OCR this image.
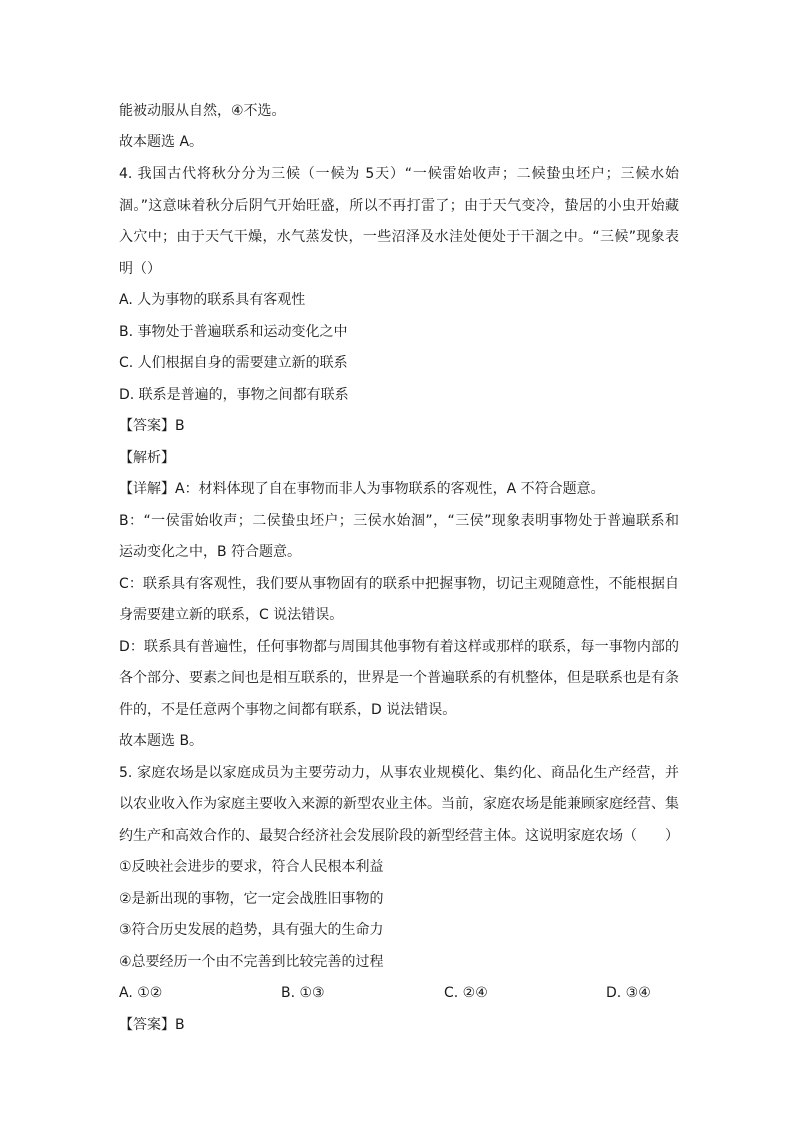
能被动服从自然，④不选。
故本题选 A。
4. 我国古代将秋分分为三候（一候为 5天）“一候雷始收声；二候蛰虫坯户；三候水始
涸。”这意味着秋分后阴气开始旺盛，所以不再打雷了；由于天气变冷，蛰居的小虫开始藏
入穴中；由于天气干燥，水气蒸发快，一些沼泽及水洼处便处于干涸之中。“三候”现象表
明（）
A. 人为事物的联系具有客观性
B. 事物处于普遍联系和运动变化之中
C. 人们根据自身的需要建立新的联系
D. 联系是普遍的，事物之间都有联系
【答案】B
【解析】
【详解】A：材料体现了自在事物而非人为事物联系的客观性，A 不符合题意。
B：“一侯雷始收声；二侯蛰虫坯户；三侯水始涸”，“三侯”现象表明事物处于普遍联系和
运动变化之中，B 符合题意。
C：联系具有客观性，我们要从事物固有的联系中把握事物，切记主观随意性，不能根据自
身需要建立新的联系，C 说法错误。
D：联系具有普遍性，任何事物都与周围其他事物有着这样或那样的联系，每一事物内部的
各个部分、要素之间也是相互联系的，世界是一个普遍联系的有机整体，但是联系也是有条
件的，不是任意两个事物之间都有联系，D 说法错误。
故本题选 B。
5. 家庭农场是以家庭成员为主要劳动力，从事农业规模化、集约化、商品化生产经营，并
以农业收入作为家庭主要收入来源的新型农业主体。当前，家庭农场是能兼顾家庭经营、集
约生产和高效合作的、最契合经济社会发展阶段的新型经营主体。这说明家庭农场（　　）
①反映社会进步的要求，符合人民根本利益
②是新出现的事物，它一定会战胜旧事物的
③符合历史发展的趋势，具有强大的生命力
④总要经历一个由不完善到比较完善的过程
A. ①②	B. ①③	C. ②④	D. ③④
【答案】B
